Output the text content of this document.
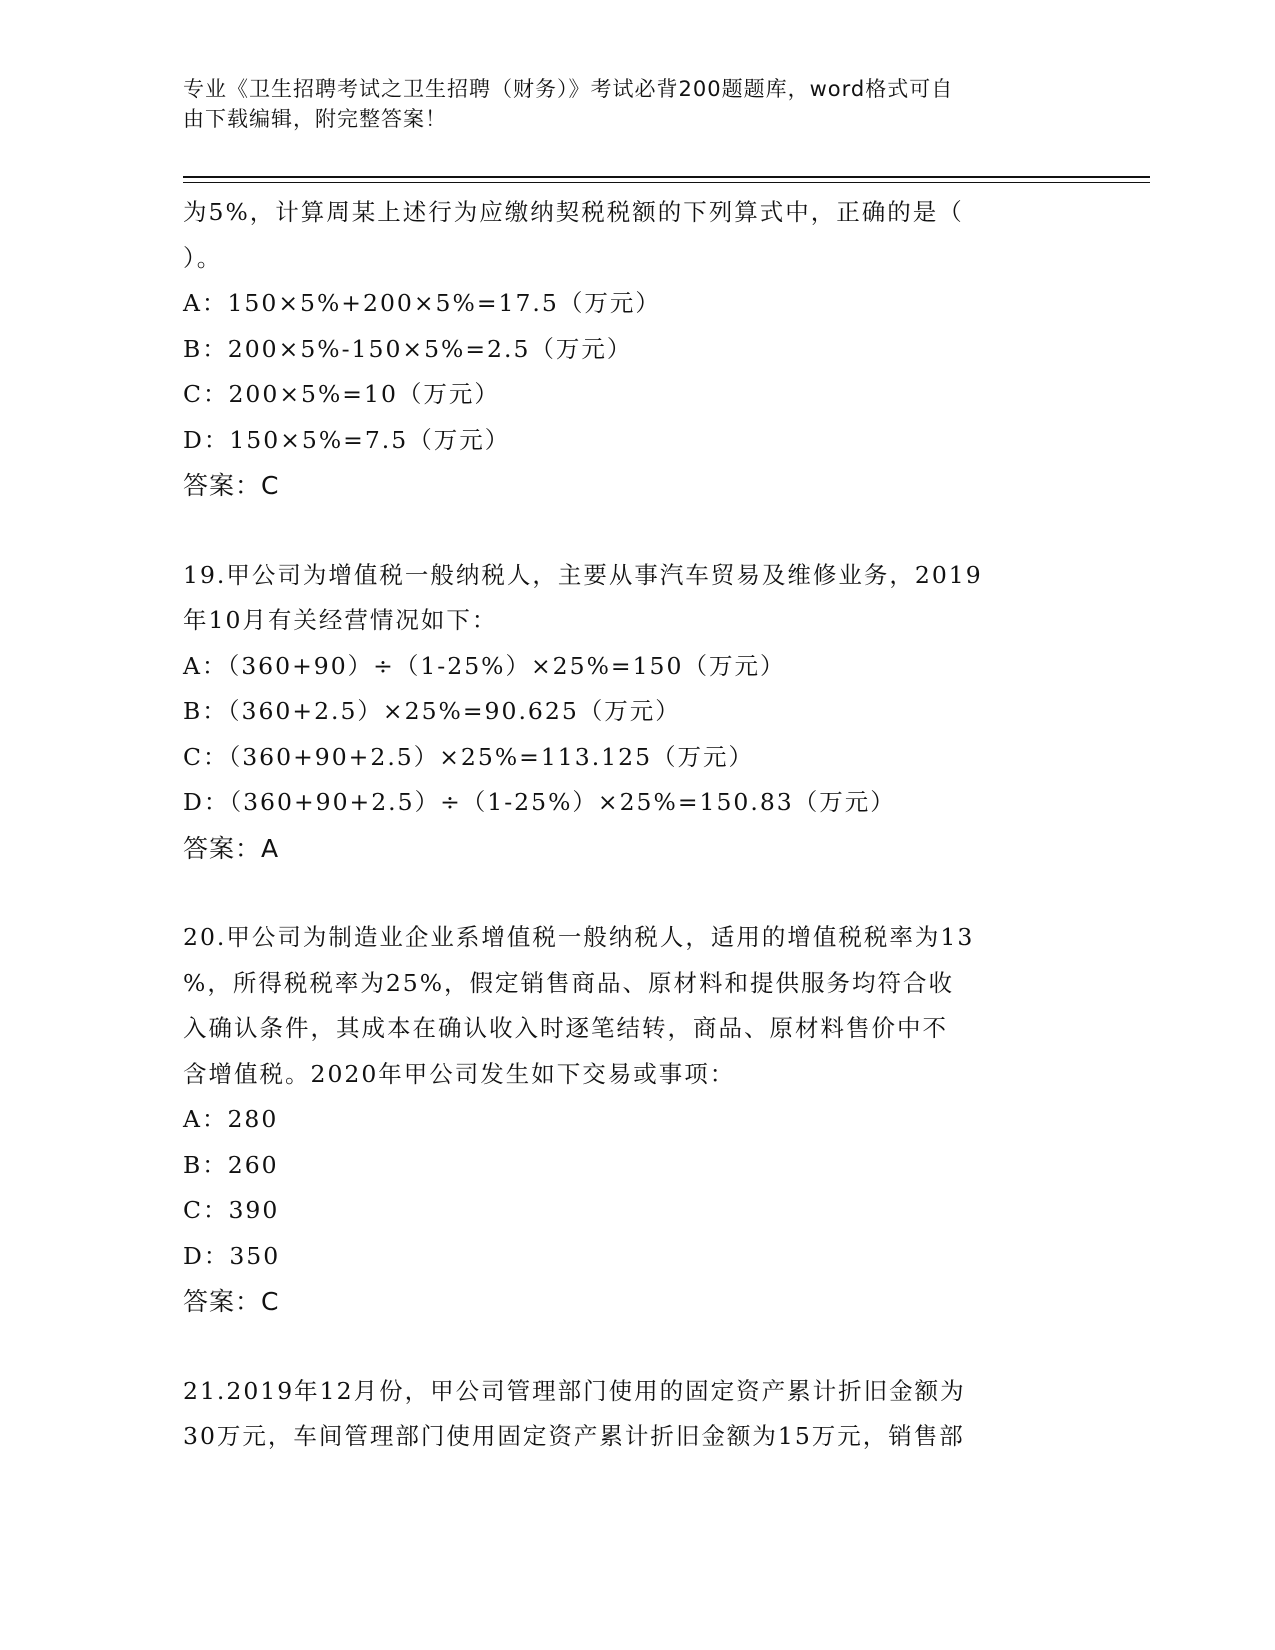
专业《卫生招聘考试之卫生招聘（财务）》考试必背200题题库，word格式可自
由下载编辑，附完整答案！
为5%，计算周某上述行为应缴纳契税税额的下列算式中，正确的是（
）。
A：150×5%+200×5%=17.5（万元）
B：200×5%-150×5%=2.5（万元）
C：200×5%=10（万元）
D：150×5%=7.5（万元）
答案：C
19.甲公司为增值税一般纳税人，主要从事汽车贸易及维修业务，2019
年10月有关经营情况如下：
A：（360+90）÷（1-25%）×25%=150（万元）
B：（360+2.5）×25%=90.625（万元）
C：（360+90+2.5）×25%=113.125（万元）
D：（360+90+2.5）÷（1-25%）×25%=150.83（万元）
答案：A
20.甲公司为制造业企业系增值税一般纳税人，适用的增值税税率为13
%，所得税税率为25%，假定销售商品、原材料和提供服务均符合收
入确认条件，其成本在确认收入时逐笔结转，商品、原材料售价中不
含增值税。2020年甲公司发生如下交易或事项：
A：280
B：260
C：390
D：350
答案：C
21.2019年12月份，甲公司管理部门使用的固定资产累计折旧金额为
30万元，车间管理部门使用固定资产累计折旧金额为15万元，销售部
